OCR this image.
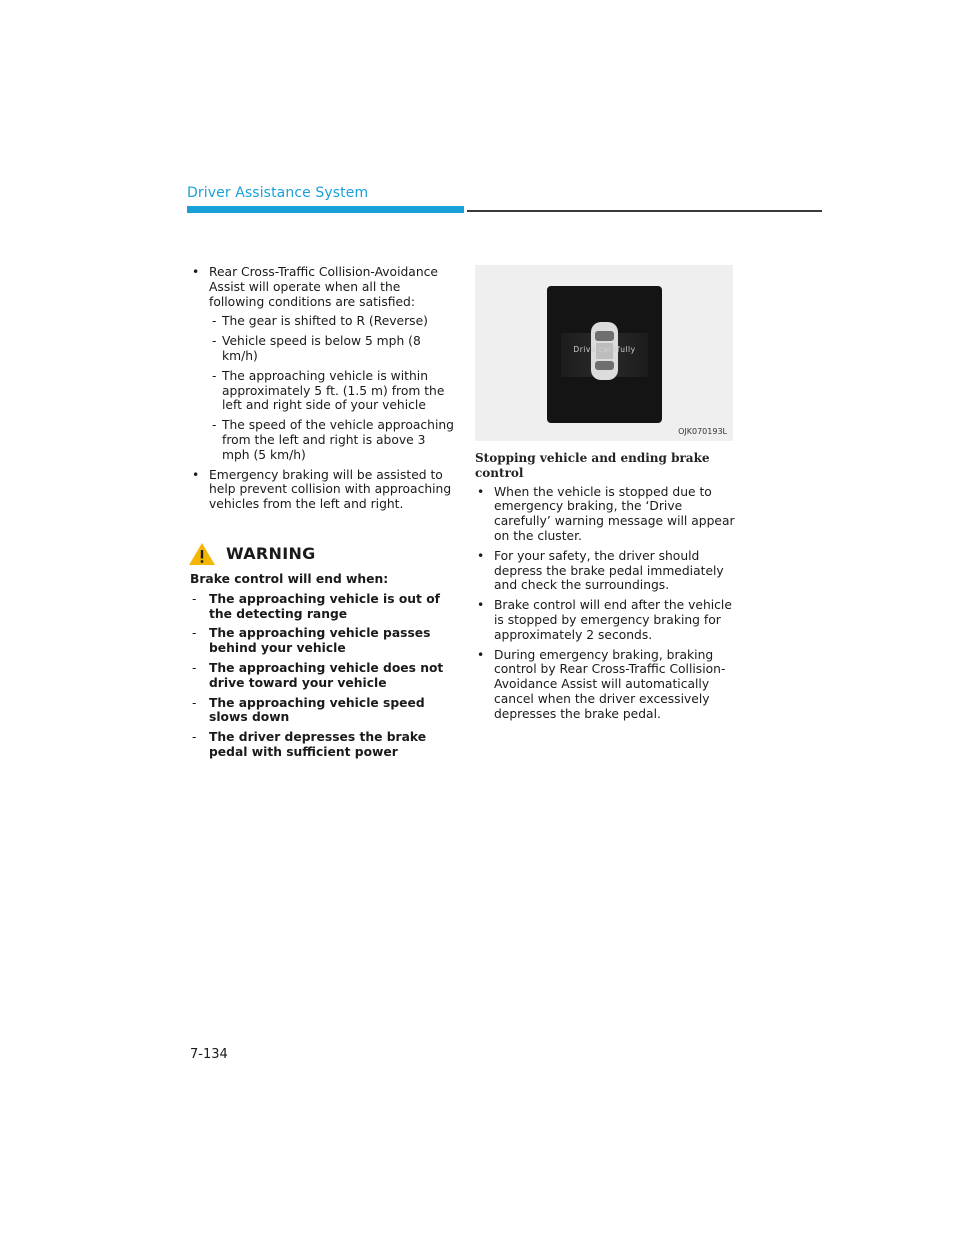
Driver Assistance System
• Rear Cross-Traffic Collision-Avoidance Assist will operate when all the following conditions are satisfied:
- The gear is shifted to R (Reverse)
- Vehicle speed is below 5 mph (8 km/h)
- The approaching vehicle is within approximately 5 ft. (1.5 m) from the left and right side of your vehicle
- The speed of the vehicle approaching from the left and right is above 3 mph (5 km/h)
• Emergency braking will be assisted to help prevent collision with approaching vehicles from the left and right.
WARNING
Brake control will end when:
- The approaching vehicle is out of the detecting range
- The approaching vehicle passes behind your vehicle
- The approaching vehicle does not drive toward your vehicle
- The approaching vehicle speed slows down
- The driver depresses the brake pedal with sufficient power
Drive carefully
OJK070193L
Stopping vehicle and ending brake control
• When the vehicle is stopped due to emergency braking, the ‘Drive carefully’ warning message will appear on the cluster.
• For your safety, the driver should depress the brake pedal immediately and check the surroundings.
• Brake control will end after the vehicle is stopped by emergency braking for approximately 2 seconds.
• During emergency braking, braking control by Rear Cross-Traffic Collision-Avoidance Assist will automatically cancel when the driver excessively depresses the brake pedal.
7-134
